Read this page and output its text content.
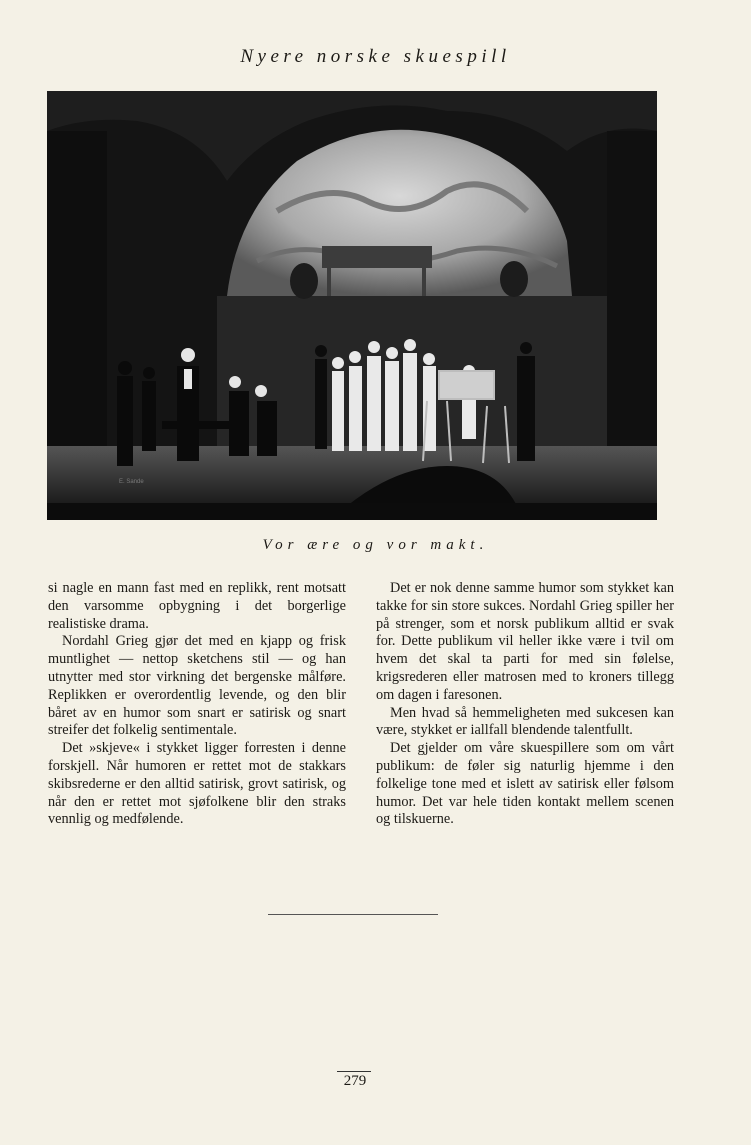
Nyere norske skuespill
E. Sande
Vor ære og vor makt.

si nagle en mann fast med en replikk, rent motsatt den varsomme opbygning i det borgerlige realistiske drama.

Nordahl Grieg gjør det med en kjapp og frisk muntlighet — nettop sketchens stil — og han utnytter med stor virkning det bergenske målføre. Replikken er overordentlig levende, og den blir båret av en humor som snart er satirisk og snart streifer det folkelig sentimentale.

Det »skjeve« i stykket ligger forresten i denne forskjell. Når humoren er rettet mot de stakkars skibsrederne er den alltid satirisk, grovt satirisk, og når den er rettet mot sjøfolkene blir den straks vennlig og medfølende.

Det er nok denne samme humor som stykket kan takke for sin store sukces. Nordahl Grieg spiller her på strenger, som et norsk publikum alltid er svak for. Dette publikum vil heller ikke være i tvil om hvem det skal ta parti for med sin følelse, krigsrederen eller matrosen med to kroners tillegg om dagen i faresonen.

Men hvad så hemmeligheten med sukcesen kan være, stykket er iallfall blendende talentfullt.

Det gjelder om våre skuespillere som om vårt publikum: de føler sig naturlig hjemme i den folkelige tone med et islett av satirisk eller følsom humor. Det var hele tiden kontakt mellem scenen og tilskuerne.

279
